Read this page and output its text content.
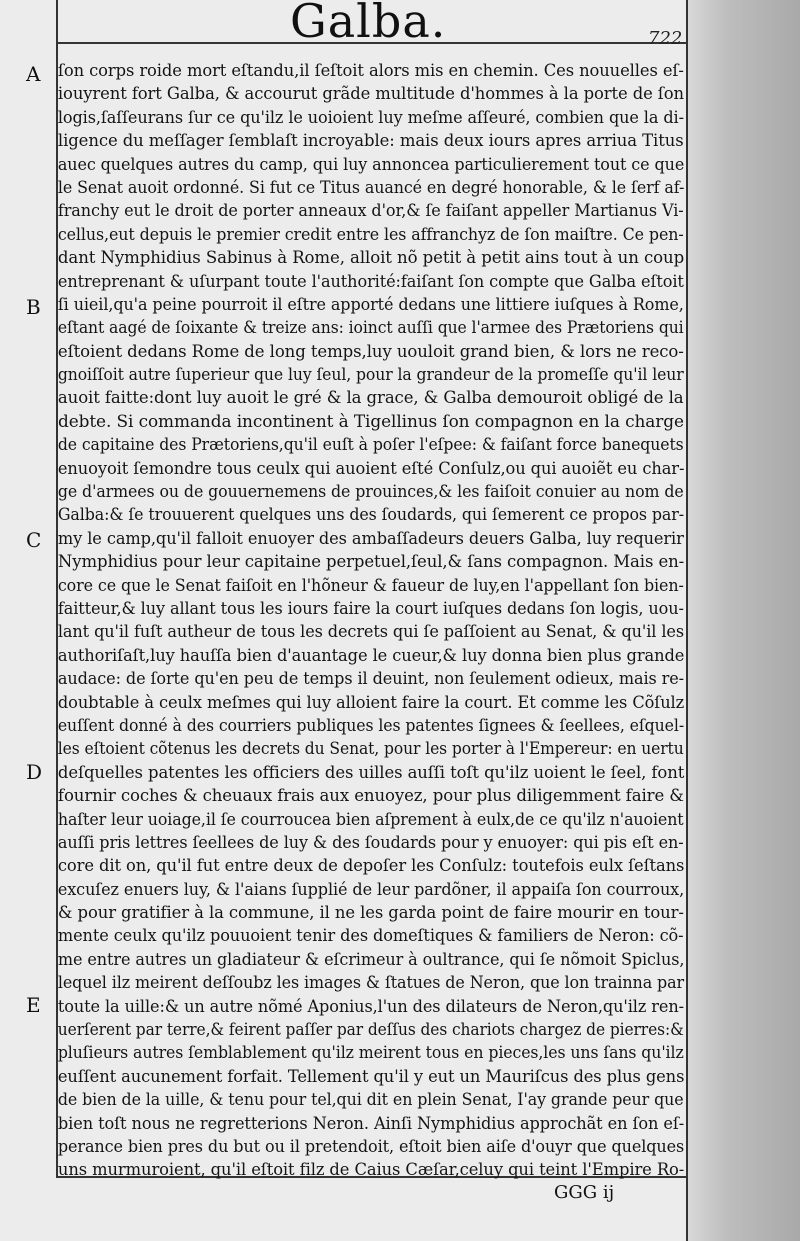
Galba.	722
A
B
C
D
E
ſon corps roide mort eſtandu,il ſeſtoit alors mis en chemin. Ces nouuelles eſ-
iouyrent fort Galba, & accourut grãde multitude d'hommes à la porte de ſon
logis,ſaſſeurans ſur ce qu'ilz le uoioient luy meſme aſſeuré, combien que la di-
ligence du meſſager ſemblaſt incroyable: mais deux iours apres arriua Titus
auec quelques autres du camp, qui luy annoncea particulierement tout ce que
le Senat auoit ordonné. Si fut ce Titus auancé en degré honorable, & le ſerf af-
franchy eut le droit de porter anneaux d'or,& ſe faiſant appeller Martianus Vi-
cellus,eut depuis le premier credit entre les affranchyz de ſon maiſtre. Ce pen-
dant Nymphidius Sabinus à Rome, alloit nõ petit à petit ains tout à un coup
entreprenant & uſurpant toute l'authorité:faiſant ſon compte que Galba eſtoit
ſi uieil,qu'a peine pourroit il eſtre apporté dedans une littiere iuſques à Rome,
eſtant aagé de ſoixante & treize ans: ioinct auſſi que l'armee des Prætoriens qui
eſtoient dedans Rome de long temps,luy uouloit grand bien, & lors ne reco-
gnoiſſoit autre ſuperieur que luy ſeul, pour la grandeur de la promeſſe qu'il leur
auoit faitte:dont luy auoit le gré & la grace, & Galba demouroit obligé de la
debte. Si commanda incontinent à Tigellinus ſon compagnon en la charge
de capitaine des Prætoriens,qu'il euſt à poſer l'eſpee: & faiſant force banequets
enuoyoit ſemondre tous ceulx qui auoient eſté Conſulz,ou qui auoiẽt eu char-
ge d'armees ou de gouuernemens de prouinces,& les faiſoit conuier au nom de
Galba:& ſe trouuerent quelques uns des ſoudards, qui ſemerent ce propos par-
my le camp,qu'il falloit enuoyer des ambaſſadeurs deuers Galba, luy requerir
Nymphidius pour leur capitaine perpetuel,ſeul,& ſans compagnon. Mais en-
core ce que le Senat faiſoit en l'hõneur & faueur de luy,en l'appellant ſon bien-
faitteur,& luy allant tous les iours faire la court iuſques dedans ſon logis, uou-
lant qu'il fuſt autheur de tous les decrets qui ſe paſſoient au Senat, & qu'il les
authoriſaſt,luy hauſſa bien d'auantage le cueur,& luy donna bien plus grande
audace: de ſorte qu'en peu de temps il deuint, non ſeulement odieux, mais re-
doubtable à ceulx meſmes qui luy alloient faire la court. Et comme les Cõſulz
euſſent donné à des courriers publiques les patentes ſignees & ſeellees, eſquel-
les eſtoient cõtenus les decrets du Senat, pour les porter à l'Empereur: en uertu
deſquelles patentes les officiers des uilles auſſi toſt qu'ilz uoient le ſeel, font
fournir coches & cheuaux frais aux enuoyez, pour plus diligemment faire &
haſter leur uoiage,il ſe courroucea bien aſprement à eulx,de ce qu'ilz n'auoient
auſſi pris lettres ſeellees de luy & des ſoudards pour y enuoyer: qui pis eſt en-
core dit on, qu'il fut entre deux de depoſer les Conſulz: toutefois eulx ſeſtans
excuſez enuers luy, & l'aians ſupplié de leur pardõner, il appaiſa ſon courroux,
& pour gratifier à la commune, il ne les garda point de faire mourir en tour-
mente ceulx qu'ilz pouuoient tenir des domeſtiques & familiers de Neron: cõ-
me entre autres un gladiateur & eſcrimeur à oultrance, qui ſe nõmoit Spiclus,
lequel ilz meirent deſſoubz les images & ſtatues de Neron, que lon trainna par
toute la uille:& un autre nõmé Aponius,l'un des dilateurs de Neron,qu'ilz ren-
uerſerent par terre,& feirent paſſer par deſſus des chariots chargez de pierres:&
pluſieurs autres ſemblablement qu'ilz meirent tous en pieces,les uns ſans qu'ilz
euſſent aucunement forfait. Tellement qu'il y eut un Mauriſcus des plus gens
de bien de la uille, & tenu pour tel,qui dit en plein Senat, I'ay grande peur que
bien toſt nous ne regretterions Neron. Ainſi Nymphidius approchãt en ſon eſ-
perance bien pres du but ou il pretendoit, eſtoit bien aiſe d'ouyr que quelques
uns murmuroient, qu'il eſtoit filz de Caius Cæſar,celuy qui teint l'Empire Ro-
GGG ij
